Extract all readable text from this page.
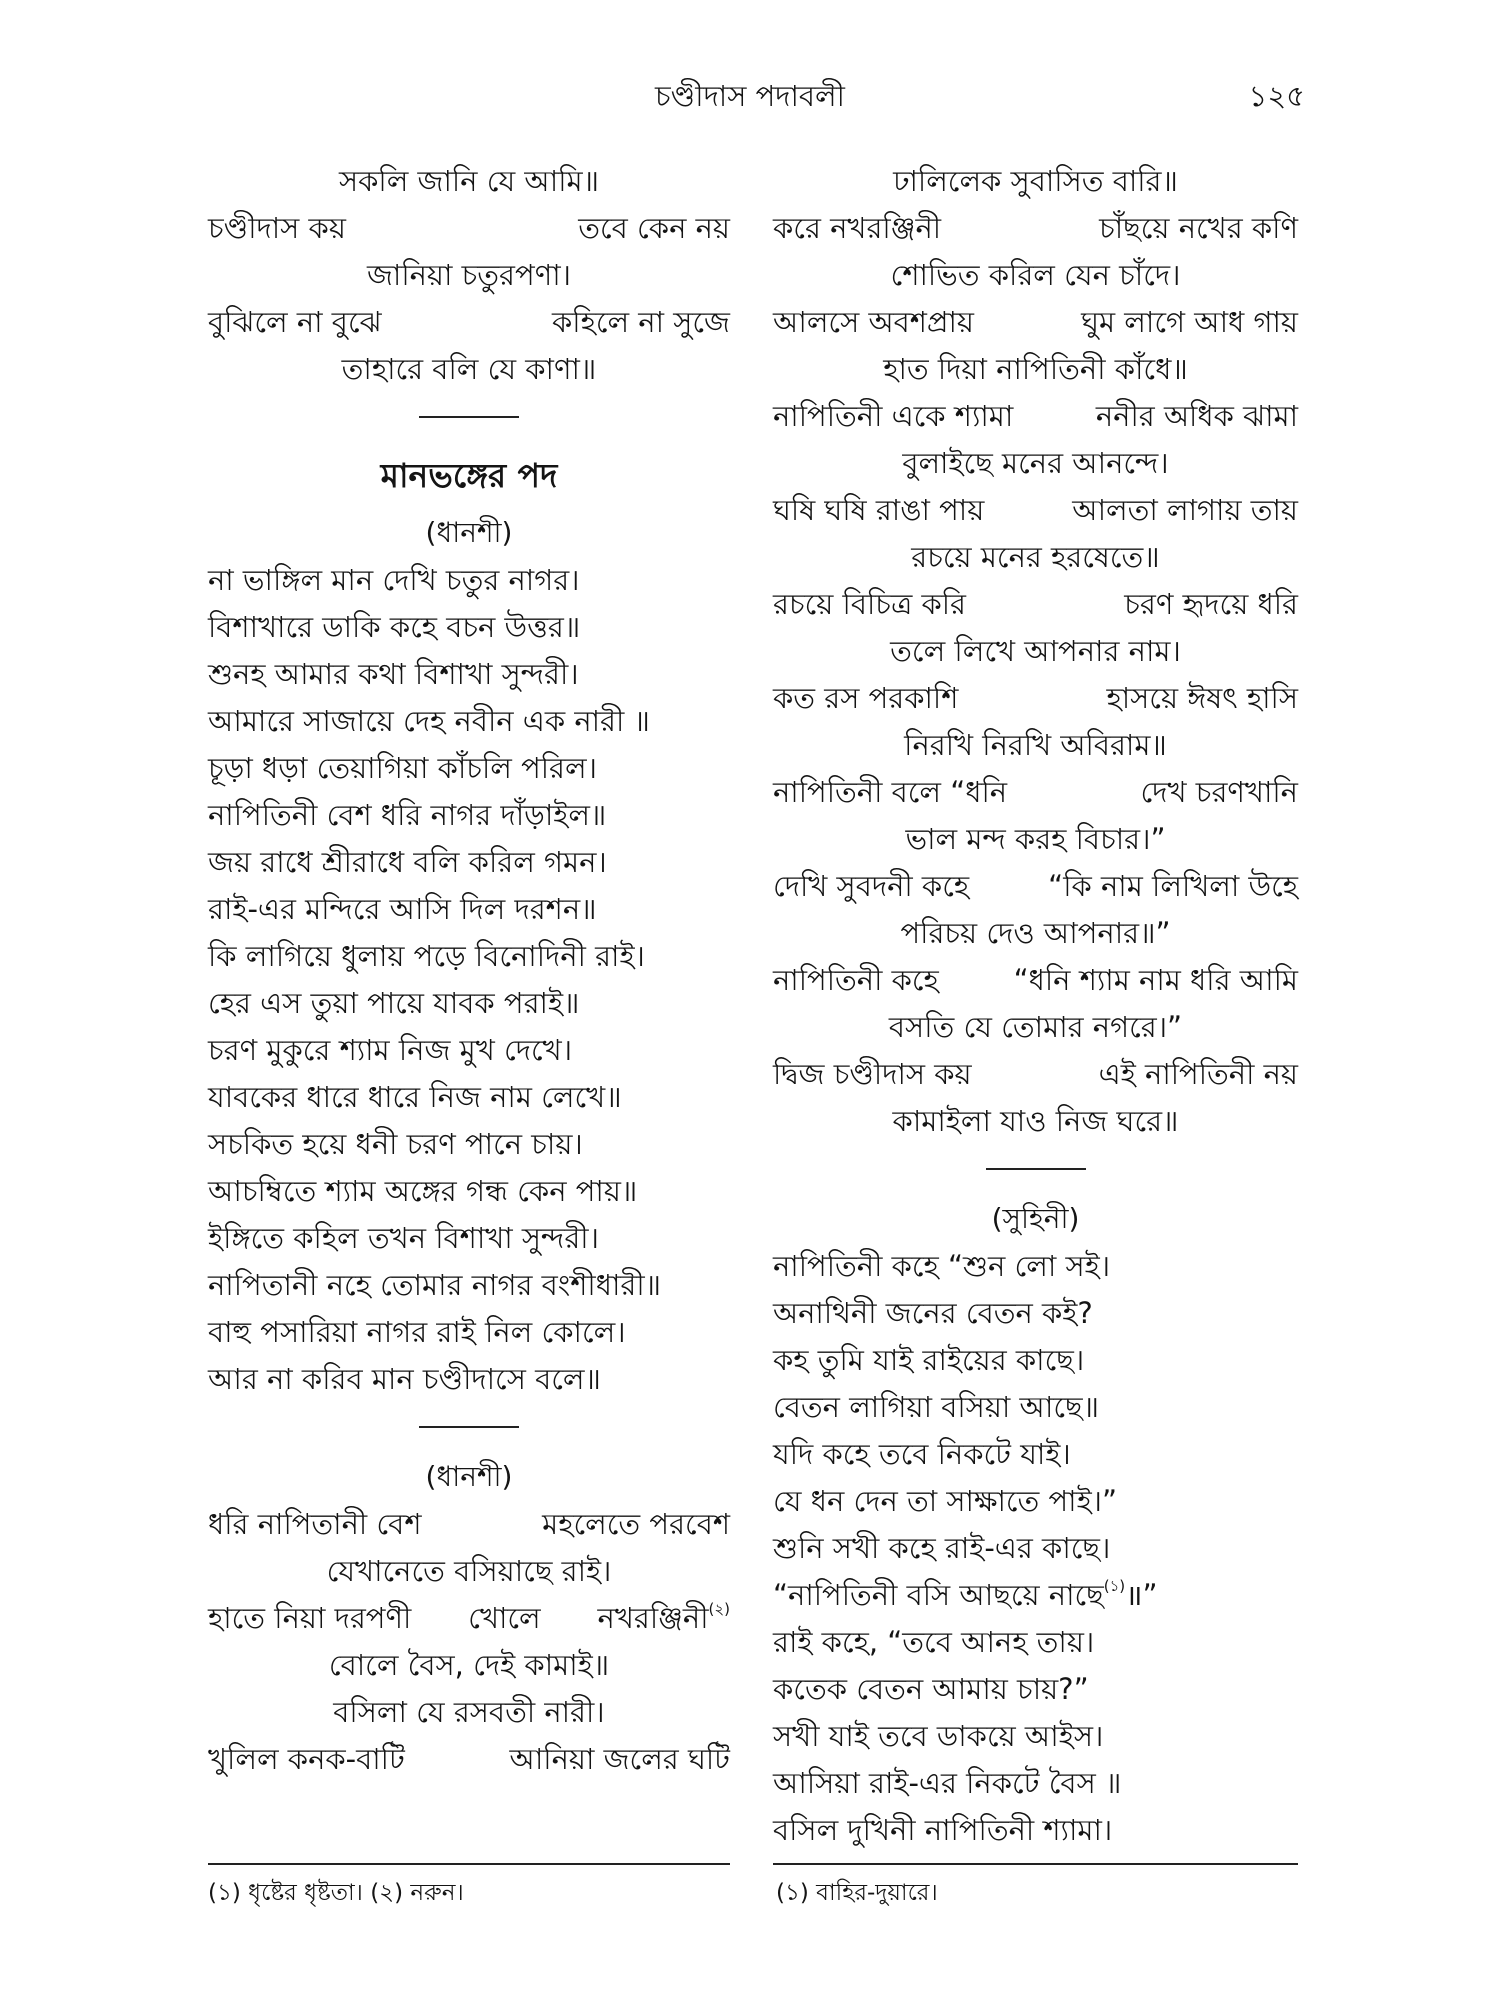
চণ্ডীদাস পদাবলী	১২৫
সকলি জানি যে আমি॥
চণ্ডীদাস কয়	তবে কেন নয়
জানিয়া চতুরপণা।
বুঝিলে না বুঝে	কহিলে না সুজে
তাহারে বলি যে কাণা॥
মানভঙ্গের পদ
(ধানশী)
না ভাঙ্গিল মান দেখি চতুর নাগর।
বিশাখারে ডাকি কহে বচন উত্তর॥
শুনহ আমার কথা বিশাখা সুন্দরী।
আমারে সাজায়ে দেহ নবীন এক নারী ॥
চূড়া ধড়া তেয়াগিয়া কাঁচলি পরিল।
নাপিতিনী বেশ ধরি নাগর দাঁড়াইল॥
জয় রাধে শ্রীরাধে বলি করিল গমন।
রাই-এর মন্দিরে আসি দিল দরশন॥
কি লাগিয়ে ধুলায় পড়ে বিনোদিনী রাই।
হের এস তুয়া পায়ে যাবক পরাই॥
চরণ মুকুরে শ্যাম নিজ মুখ দেখে।
যাবকের ধারে ধারে নিজ নাম লেখে॥
সচকিত হয়ে ধনী চরণ পানে চায়।
আচম্বিতে শ্যাম অঙ্গের গন্ধ কেন পায়॥
ইঙ্গিতে কহিল তখন বিশাখা সুন্দরী।
নাপিতানী নহে তোমার নাগর বংশীধারী॥
বাহু পসারিয়া নাগর রাই নিল কোলে।
আর না করিব মান চণ্ডীদাসে বলে॥
(ধানশী)
ধরি নাপিতানী বেশ	মহলেতে পরবেশ
যেখানেতে বসিয়াছে রাই।
হাতে নিয়া দরপণী খোলে নখরঞ্জিনী$^{(২)}$
বোলে বৈস, দেই কামাই॥
বসিলা যে রসবতী নারী।
খুলিল কনক-বাটি	আনিয়া জলের ঘটি
ঢালিলেক সুবাসিত বারি॥
করে নখরঞ্জিনী	চাঁছয়ে নখের কণি
শোভিত করিল যেন চাঁদে।
আলসে অবশপ্রায়	ঘুম লাগে আধ গায়
হাত দিয়া নাপিতিনী কাঁধে॥
নাপিতিনী একে শ্যামা	ননীর অধিক ঝামা
বুলাইছে মনের আনন্দে।
ঘষি ঘষি রাঙা পায়	আলতা লাগায় তায়
রচয়ে মনের হরষেতে॥
রচয়ে বিচিত্র করি	চরণ হৃদয়ে ধরি
তলে লিখে আপনার নাম।
কত রস পরকাশি	হাসয়ে ঈষৎ হাসি
নিরখি নিরখি অবিরাম॥
নাপিতিনী বলে “ধনি	দেখ চরণখানি
ভাল মন্দ করহ বিচার।”
দেখি সুবদনী কহে	“কি নাম লিখিলা উহে
পরিচয় দেও আপনার॥”
নাপিতিনী কহে	“ধনি শ্যাম নাম ধরি আমি
বসতি যে তোমার নগরে।”
দ্বিজ চণ্ডীদাস কয়	এই নাপিতিনী নয়
কামাইলা যাও নিজ ঘরে॥
(সুহিনী)
নাপিতিনী কহে “শুন লো সই।
অনাথিনী জনের বেতন কই?
কহ তুমি যাই রাইয়ের কাছে।
বেতন লাগিয়া বসিয়া আছে॥
যদি কহে তবে নিকটে যাই।
যে ধন দেন তা সাক্ষাতে পাই।”
শুনি সখী কহে রাই-এর কাছে।
“নাপিতিনী বসি আছয়ে নাছে$^{(১)}$॥”
রাই কহে, “তবে আনহ তায়।
কতেক বেতন আমায় চায়?”
সখী যাই তবে ডাকয়ে আইস।
আসিয়া রাই-এর নিকটে বৈস ॥
বসিল দুখিনী নাপিতিনী শ্যামা।
(১) ধৃষ্টের ধৃষ্টতা। (২) নরুন।	(১) বাহির-দুয়ারে।
